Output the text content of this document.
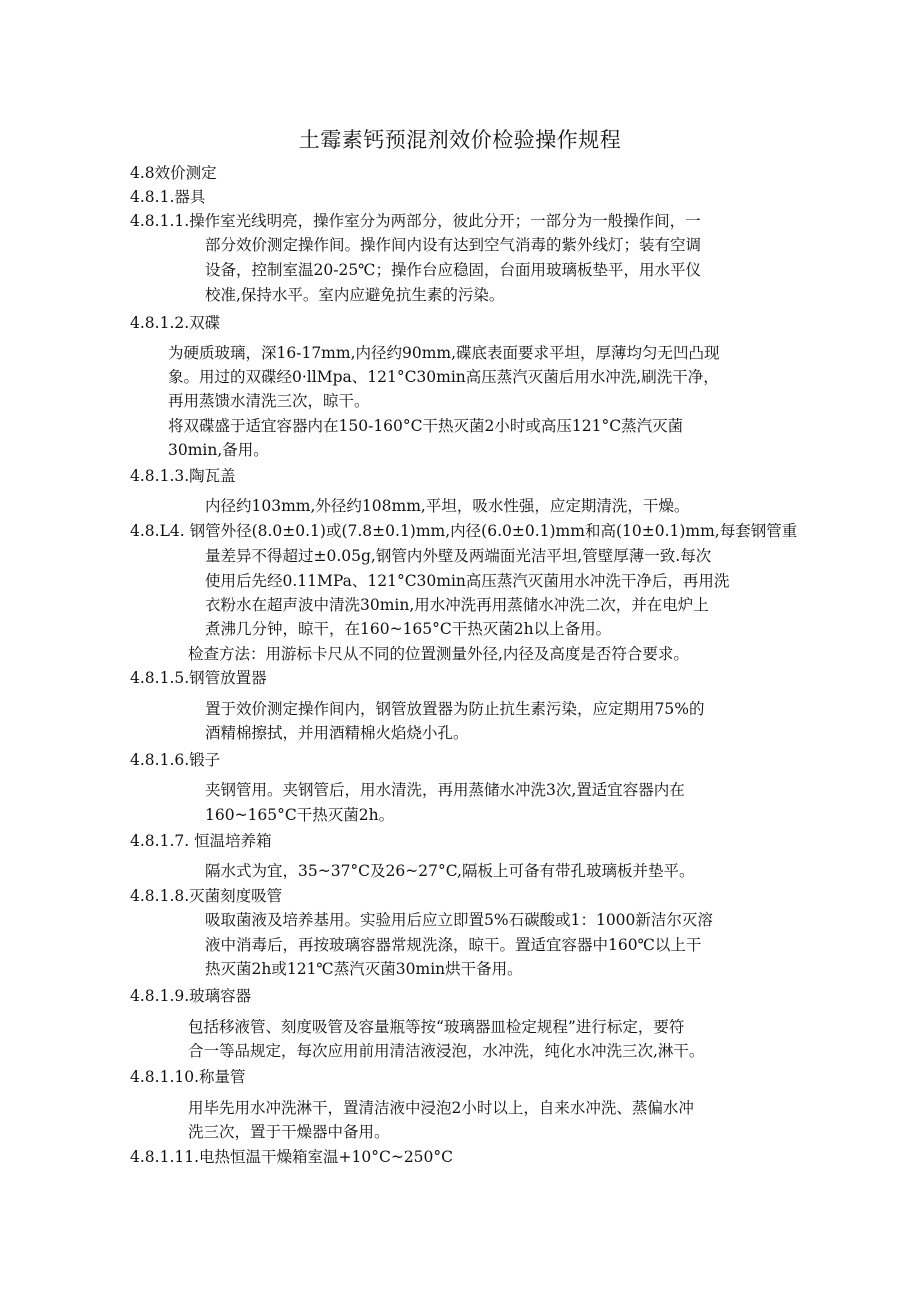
土霉素钙预混剂效价检验操作规程
4.8效价测定
4.8.1.器具
4.8.1.1.操作室光线明亮，操作室分为两部分，彼此分开；一部分为一般操作间，一
部分效价测定操作间。操作间内设有达到空气消毒的紫外线灯；装有空调
设备，控制室温20-25℃；操作台应稳固，台面用玻璃板垫平，用水平仪
校准,保持水平。室内应避免抗生素的污染。
4.8.1.2.双碟
为硬质玻璃，深16-17mm,内径约90mm,碟底表面要求平坦，厚薄均匀无凹凸现
象。用过的双碟经0·llMpa、121°C30min高压蒸汽灭菌后用水冲洗,刷洗干净，
再用蒸馈水清洗三次，晾干。
将双碟盛于适宜容器内在150-160°C干热灭菌2小时或高压121°C蒸汽灭菌
30min,备用。
4.8.1.3.陶瓦盖
内径约103mm,外径约108mm,平坦，吸水性强，应定期清洗，干燥。
4.8.L4. 钢管外径(8.0±0.1)或(7.8±0.1)mm,内径(6.0±0.1)mm和高(10±0.1)mm,每套钢管重
量差异不得超过±0.05g,钢管内外壁及两端面光洁平坦,管壁厚薄一致.每次
使用后先经0.11MPa、121°C30min高压蒸汽灭菌用水冲洗干净后，再用洗
衣粉水在超声波中清洗30min,用水冲洗再用蒸储水冲洗二次，并在电炉上
煮沸几分钟，晾干，在160~165°C干热灭菌2h以上备用。
检查方法：用游标卡尺从不同的位置测量外径,内径及高度是否符合要求。
4.8.1.5.钢管放置器
置于效价测定操作间内，钢管放置器为防止抗生素污染，应定期用75%的
酒精棉擦拭，并用酒精棉火焰烧小孔。
4.8.1.6.锻子
夹钢管用。夹钢管后，用水清洗，再用蒸储水冲洗3次,置适宜容器内在
160~165°C干热灭菌2h。
4.8.1.7. 恒温培养箱
隔水式为宜，35~37°C及26~27°C,隔板上可备有带孔玻璃板并垫平。
4.8.1.8.灭菌刻度吸管
吸取菌液及培养基用。实验用后应立即置5%石碳酸或1：1000新洁尔灭溶
液中消毒后，再按玻璃容器常规洗涤，晾干。置适宜容器中160℃以上干
热灭菌2h或121℃蒸汽灭菌30min烘干备用。
4.8.1.9.玻璃容器
包括移液管、刻度吸管及容量瓶等按“玻璃器皿检定规程”进行标定，要符
合一等品规定，每次应用前用清洁液浸泡，水冲洗，纯化水冲洗三次,淋干。
4.8.1.10.称量管
用毕先用水冲洗淋干，置清洁液中浸泡2小时以上，自来水冲洗、蒸偏水冲
洗三次，置于干燥器中备用。
4.8.1.11.电热恒温干燥箱室温+10°C~250°C
